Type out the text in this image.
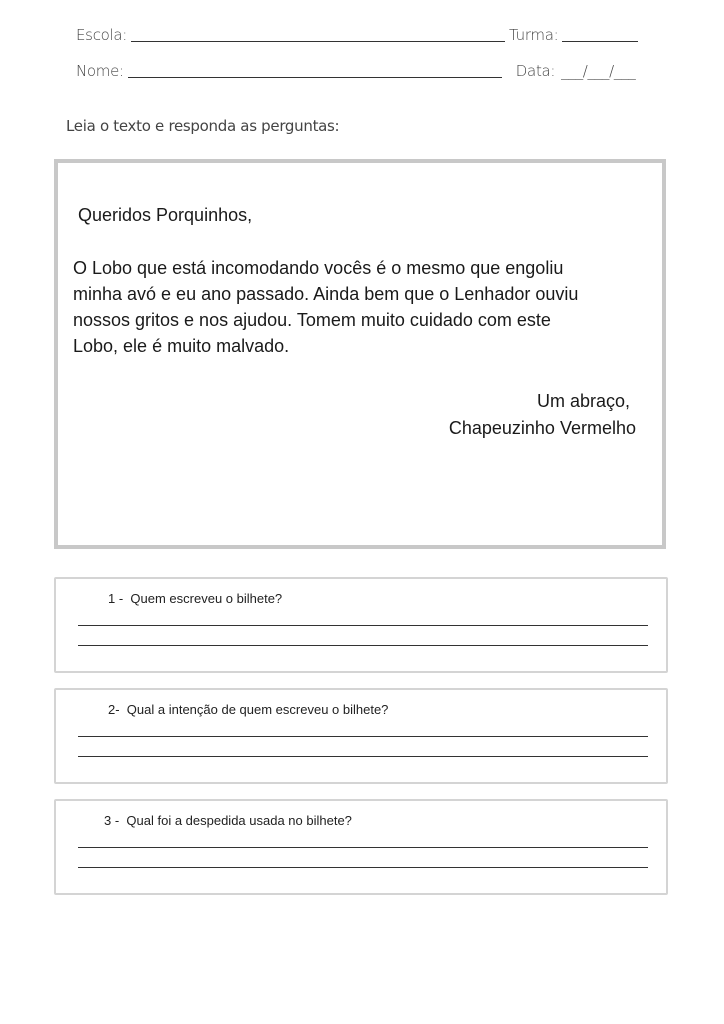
Escola:	Turma:
Nome:	Data: ___/___/___
Leia o texto e responda as perguntas:
Queridos Porquinhos,
O Lobo que está incomodando vocês é o mesmo que engoliu
minha avó e eu ano passado. Ainda bem que o Lenhador ouviu
nossos gritos e nos ajudou. Tomem muito cuidado com este
Lobo, ele é muito malvado.
Um abraço,
Chapeuzinho Vermelho
1 - Quem escreveu o bilhete?
2- Qual a intenção de quem escreveu o bilhete?
3 - Qual foi a despedida usada no bilhete?
